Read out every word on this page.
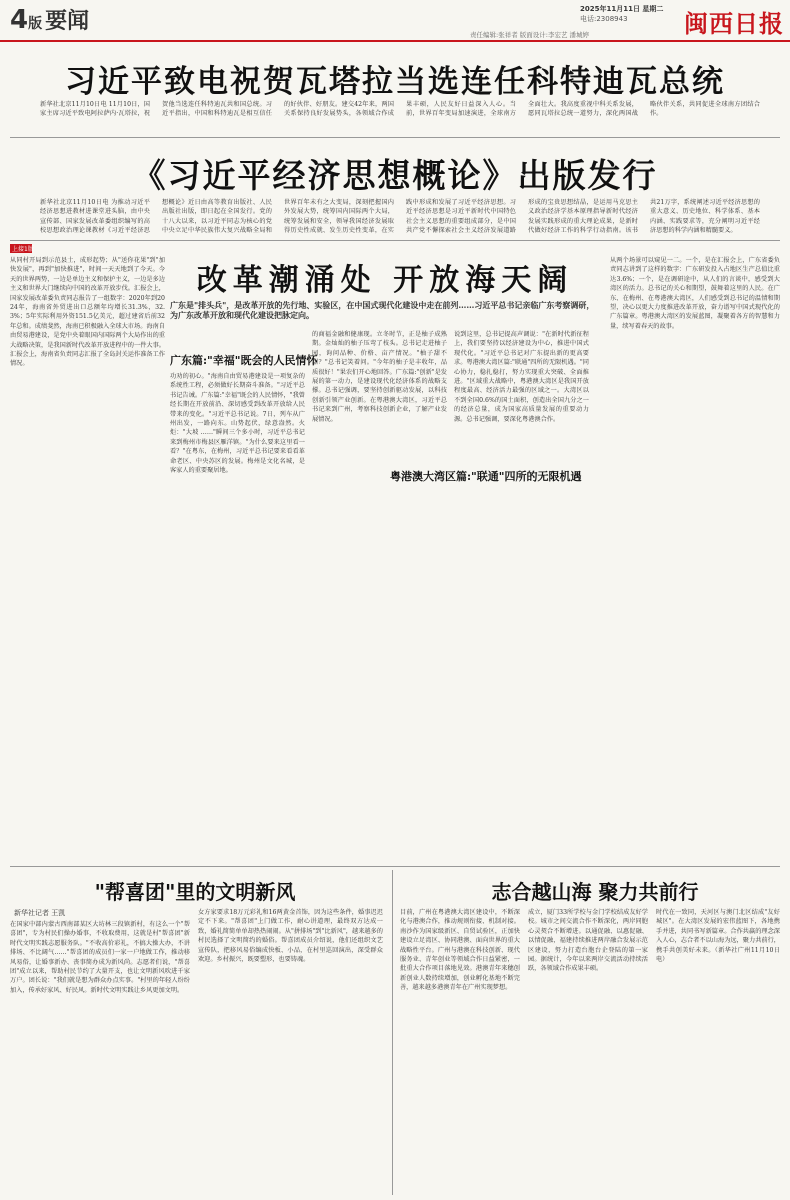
4版 要闻	2025年11月11日 星期二
电话:2308943	闽西日报
责任编辑:张祥者 版面设计:李宏艺 潘城婷
习近平致电祝贺瓦塔拉当选连任科特迪瓦总统
新华社北京11月10日电 11月10日，国家主席习近平致电阿拉萨内·瓦塔拉，祝贺他当选连任科特迪瓦共和国总统。习近平指出，中国和科特迪瓦是相互信任的好伙伴、好朋友。建交42年来，两国关系保持良好发展势头，各领域合作成果丰硕，人民友好日益深入人心。当前，世界百年变局加速演进，全球南方全面壮大。我高度重视中科关系发展，愿同瓦塔拉总统一道努力，深化两国战略伙伴关系，共同促进全球南方团结合作。
《习近平经济思想概论》出版发行
新华社北京11月10日电 为推动习近平经济思想进教材进课堂进头脑，由中央宣传部、国家发展改革委组织编写的高校思想政治理论课教材《习近平经济思想概论》近日由高等教育出版社、人民出版社出版，即日起在全国发行。党的十八大以来，以习近平同志为核心的党中央立足中华民族伟大复兴战略全局和世界百年未有之大变局，深刻把握国内外发展大势，统筹国内国际两个大局，统筹发展和安全，领导我国经济发展取得历史性成就、发生历史性变革，在实践中形成和发展了习近平经济思想。习近平经济思想是习近平新时代中国特色社会主义思想的重要组成部分，是中国共产党不懈探索社会主义经济发展道路形成的宝贵思想结晶，是运用马克思主义政治经济学基本原理指导新时代经济发展实践形成的重大理论成果，是新时代做好经济工作的科学行动指南。该书共21万字，系统阐述习近平经济思想的重大意义、历史地位、科学体系、基本内涵、实践要求等，充分阐明习近平经济思想的科学内涵和精髓要义。
上接1版
改革潮涌处 开放海天阔
广东是"排头兵"，是改革开放的先行地、实验区，在中国式现代化建设中走在前列……习近平总书记亲临广东考察调研，为广东改革开放和现代化建设把脉定向。
从同村开局到示范县土，成形起势；从"送你花果"到"加快发展"，再到"加快推进"，时间一天天地到了今天。今天的世界两势，一边是单边主义和保护主义，一边是多边主义和世界大门继续向中国的改革开放步伐。汇报会上，国家发展改革委负责同志报告了一组数字：2020年到2024年，海南省外贸进出口总额年均增长31.3%，32.3%；5年实际利用外资151.5亿美元，超过建省后前32年总和。成绩斐然，海南已积极融入全球大市场。海南自由贸易港建设，是党中央着眼国内国际两个大局作出的重大战略决策，是我国新时代改革开放进程中的一件大事。汇报会上，海南省负责同志汇报了全岛封关运作准备工作情况。	广东篇:"幸福"既会的人民情怀
功劝的初心。"海南自由贸易港建设是一项复杂的系统性工程，必须做好长期奋斗准备。"习近平总书记告诫。广东篇:"幸福"既会的人民情怀，"我曾经长期在开放前沿、深切感受到改革开放给人民带来的变化。"习近平总书记说。7日，列车从广州出发，一路向东。山势起伏，绿意盎然。火炬："大坡 ……"瞬间三个多小时，习近平总书记来到梅州市梅县区雁洋镇。"为什么要来这里看一看？"在粤东，在梅州，习近平总书记要来看看革命老区、中央苏区的发展。梅州是文化名城，是客家人的重要聚居地。
的商福金融和健康现。立冬时节，正是柚子成熟期。金灿灿的柚子压弯了枝头。总书记走进柚子园，询问品种、价格、亩产情况。"柚子甜不甜？"总书记笑着问。"今年的柚子是丰收年，品质很好！"果农们开心地回答。广东篇:"创新"是发展的第一动力，是建设现代化经济体系的战略支撑。总书记强调，要坚持创新驱动发展，以科技创新引领产业创新。在粤港澳大湾区，习近平总书记来到广州，考察科技创新企业，了解产业发展情况。
粤港澳大湾区篇:"联通"四所的无限机遇
说到这里，总书记提高声调说："在新时代新征程上，我们要坚持以经济建设为中心，推进中国式现代化。"习近平总书记对广东提出新的更高要求。粤港澳大湾区篇:"联通"四所的无限机遇。"同心协力，稳扎稳打，努力实现重大突破、全面推进。"区域重大战略中，粤港澳大湾区是我国开放程度最高、经济活力最强的区域之一。大湾区以不到全国0.6%的国土面积，创造出全国九分之一的经济总量，成为国家高质量发展的重要动力源。总书记强调，要深化粤港澳合作。
从两个场景可以窥见一二。一个，是在汇报会上，广东省委负责同志讲到了这样的数字：广东研发投入占地区生产总值比重达3.6%；一个，是在调研途中，从人们的言谈中，感受到大湾区的活力。总书记的关心和期望，鼓舞着这里的人民。在广东、在梅州、在粤港澳大湾区，人们感受到总书记的温情和期望，决心以更大力度推进改革开放，奋力谱写中国式现代化的广东篇章。粤港澳大湾区的发展蓝图，凝聚着各方的智慧和力量，续写着春天的故事。
"帮喜团"里的文明新风
新华社记者 王凯
在国家中部内蒙古西南部某区大坊林三段镇新村，有这么一个"帮喜团"，专为村民们操办婚事，不收取费用，这就是村"帮喜团"新时代文明实践志愿服务队。"不收高价彩礼，不搞大操大办，不讲排场、不比阔气……"帮喜团的成员们一家一户地做工作，推动移风易俗，让婚事新办、丧事简办成为新风尚。志愿者们说，"帮喜团"成立以来，帮助村民节约了大量开支，也让文明新风吹进千家万户。团长说："我们就是想为群众办点实事。"村里的年轻人纷纷加入，传承好家风、好民风。新时代文明实践让乡风更加文明。
女方家要求18万元彩礼和16两黄金首饰，因为这些条件，婚事迟迟定不下来。"帮喜团"上门做工作，耐心讲道理，最终双方达成一致，婚礼简简单单却热热闹闹。从"拼排场"到"比新风"，越来越多的村民选择了文明简约的婚俗。帮喜团成员介绍说，他们还组织文艺宣传队，把移风易俗编成快板、小品，在村里巡回演出，深受群众欢迎。乡村振兴，既要塑形，也要铸魂。
志合越山海 聚力共前行
目前，广州在粤港澳大湾区建设中，不断深化与港澳合作，推动规则衔接、机制对接。南沙作为国家级新区、自贸试验区，正加快建设立足湾区、协同港澳、面向世界的重大战略性平台。广州与港澳在科技创新、现代服务业、青年创业等领域合作日益紧密，一批重大合作项目落地见效。港澳青年来穗创新创业人数持续增加，创业孵化基地不断完善，越来越多港澳青年在广州实现梦想。
成立，厦门33所学校与金门学校结成友好学校。城市之间交流合作不断深化，两岸同胞心灵契合不断增进。以通促融、以惠促融、以情促融，福建持续推进两岸融合发展示范区建设，努力打造台胞台企登陆的第一家园。据统计，今年以来两岸交流活动持续活跃，各领域合作成果丰硕。
时代在一致同，天河区与澳门北区结成"友好城区"。在大湾区发展的宏伟蓝图下，各地携手并进，共同书写新篇章。合作共赢的理念深入人心，志合者不以山海为远，聚力共前行，携手共创美好未来。（新华社广州11月10日电）
